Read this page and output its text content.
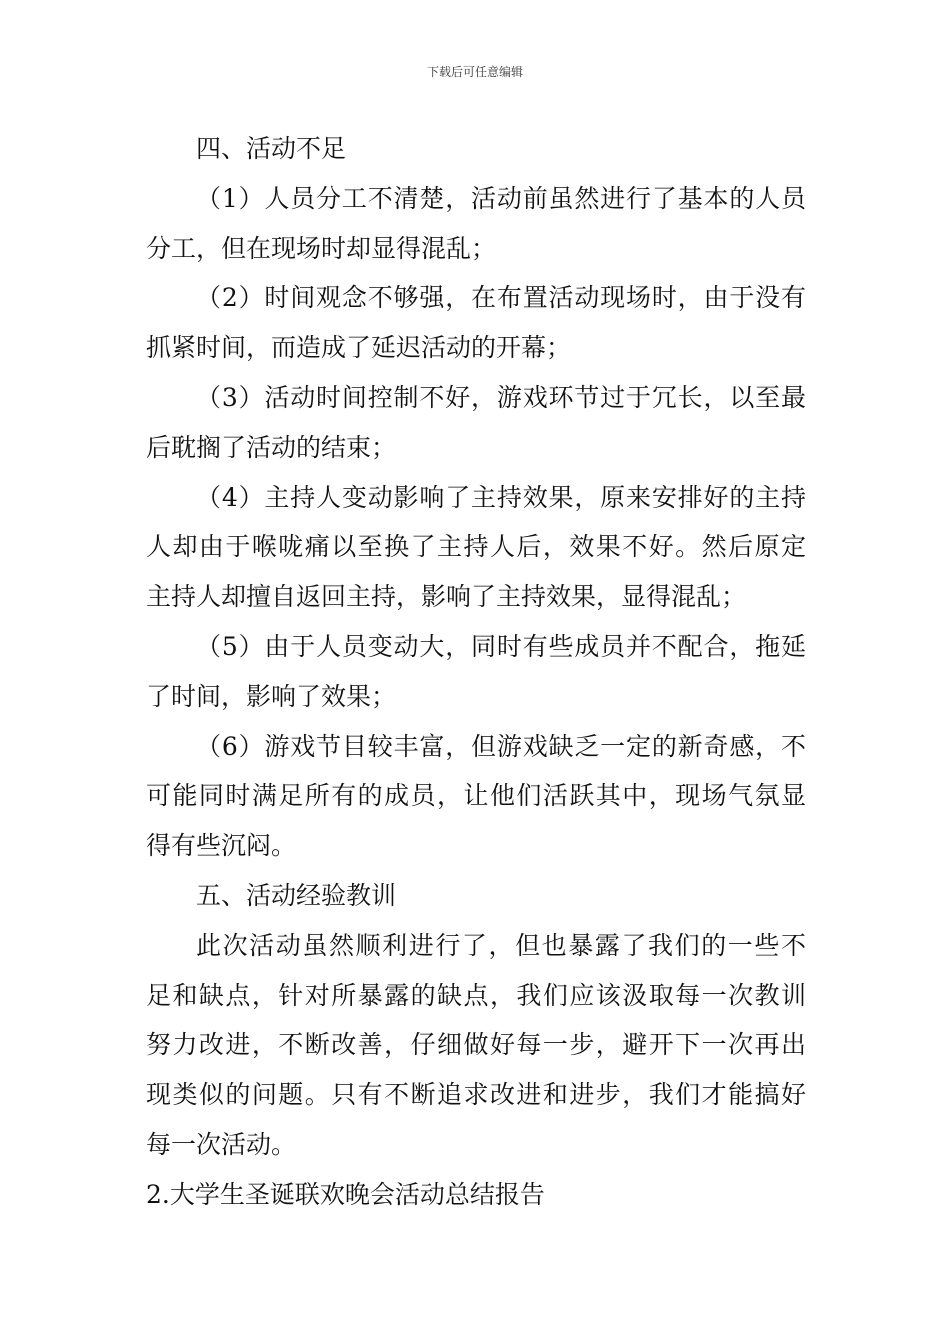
下载后可任意编辑
四、活动不足
（1）人员分工不清楚，活动前虽然进行了基本的人员
分工，但在现场时却显得混乱；
（2）时间观念不够强，在布置活动现场时，由于没有
抓紧时间，而造成了延迟活动的开幕；
（3）活动时间控制不好，游戏环节过于冗长，以至最
后耽搁了活动的结束；
（4）主持人变动影响了主持效果，原来安排好的主持
人却由于喉咙痛以至换了主持人后，效果不好。然后原定
主持人却擅自返回主持，影响了主持效果，显得混乱；
（5）由于人员变动大，同时有些成员并不配合，拖延
了时间，影响了效果；
（6）游戏节目较丰富，但游戏缺乏一定的新奇感，不
可能同时满足所有的成员，让他们活跃其中，现场气氛显
得有些沉闷。
五、活动经验教训
此次活动虽然顺利进行了，但也暴露了我们的一些不
足和缺点，针对所暴露的缺点，我们应该汲取每一次教训
努力改进，不断改善，仔细做好每一步，避开下一次再出
现类似的问题。只有不断追求改进和进步，我们才能搞好
每一次活动。
2.大学生圣诞联欢晚会活动总结报告
